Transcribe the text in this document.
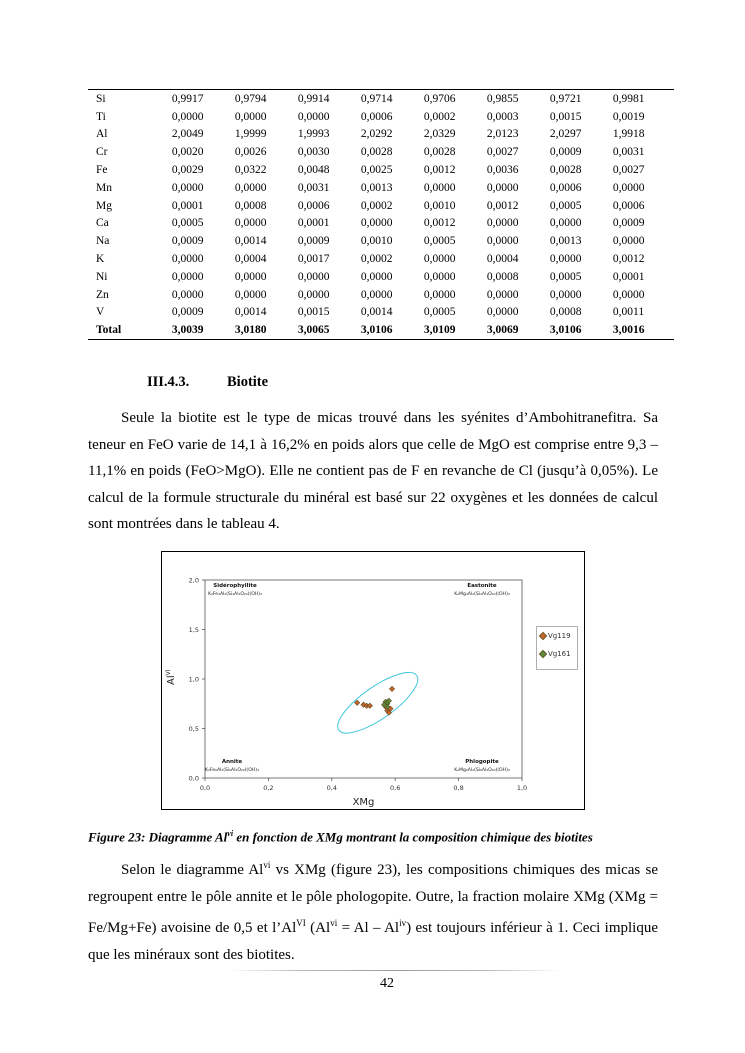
Si	0,9917	0,9794	0,9914	0,9714	0,9706	0,9855	0,9721	0,9981
Ti	0,0000	0,0000	0,0000	0,0006	0,0002	0,0003	0,0015	0,0019
Al	2,0049	1,9999	1,9993	2,0292	2,0329	2,0123	2,0297	1,9918
Cr	0,0020	0,0026	0,0030	0,0028	0,0028	0,0027	0,0009	0,0031
Fe	0,0029	0,0322	0,0048	0,0025	0,0012	0,0036	0,0028	0,0027
Mn	0,0000	0,0000	0,0031	0,0013	0,0000	0,0000	0,0006	0,0000
Mg	0,0001	0,0008	0,0006	0,0002	0,0010	0,0012	0,0005	0,0006
Ca	0,0005	0,0000	0,0001	0,0000	0,0012	0,0000	0,0000	0,0009
Na	0,0009	0,0014	0,0009	0,0010	0,0005	0,0000	0,0013	0,0000
K	0,0000	0,0004	0,0017	0,0002	0,0000	0,0004	0,0000	0,0012
Ni	0,0000	0,0000	0,0000	0,0000	0,0000	0,0008	0,0005	0,0001
Zn	0,0000	0,0000	0,0000	0,0000	0,0000	0,0000	0,0000	0,0000
V	0,0009	0,0014	0,0015	0,0014	0,0005	0,0000	0,0008	0,0011
Total	3,0039	3,0180	3,0065	3,0106	3,0109	3,0069	3,0106	3,0016
III.4.3.	Biotite

Seule la biotite est le type de micas trouvé dans les syénites d’Ambohitranefitra. Sa teneur en FeO varie de 14,1 à 16,2% en poids alors que celle de MgO est comprise entre 9,3 – 11,1% en poids (FeO>MgO). Elle ne contient pas de F en revanche de Cl (jusqu’à 0,05%). Le calcul de la formule structurale du minéral est basé sur 22 oxygènes et les données de calcul sont montrées dans le tableau 4.

0,0
0,5
1,0
1,5
2,0
0,0	0,2	0,4	0,6	0,8	1,0
XMg
$Al^{VI}$
Sidérophyllite
K₂Fe₄Al₂(Si₄Al₄O₂₀)(OH)₄
Eastonite
K₂Mg₄Al₂(Si₄Al₄O₂₀)(OH)₄
Annite
K₂Fe₆Al₂(Si₆Al₂O₂₀)(OH)₄
Phlogopite
K₂Mg₆Al₂(Si₆Al₂O₂₀)(OH)₄
Vg119
Vg161
Figure 23: Diagramme Al$^{vi}$ en fonction de XMg montrant la composition chimique des biotites

Selon le diagramme Al$^{vi}$ vs XMg (figure 23), les compositions chimiques des micas se regroupent entre le pôle annite et le pôle phologopite. Outre, la fraction molaire XMg (XMg = Fe/Mg+Fe) avoisine de 0,5 et $l’Al^{VI}$ $(Al^{vi} = Al - Al^{iv})$ est toujours inférieur à 1. Ceci implique que les minéraux sont des biotites.

42
